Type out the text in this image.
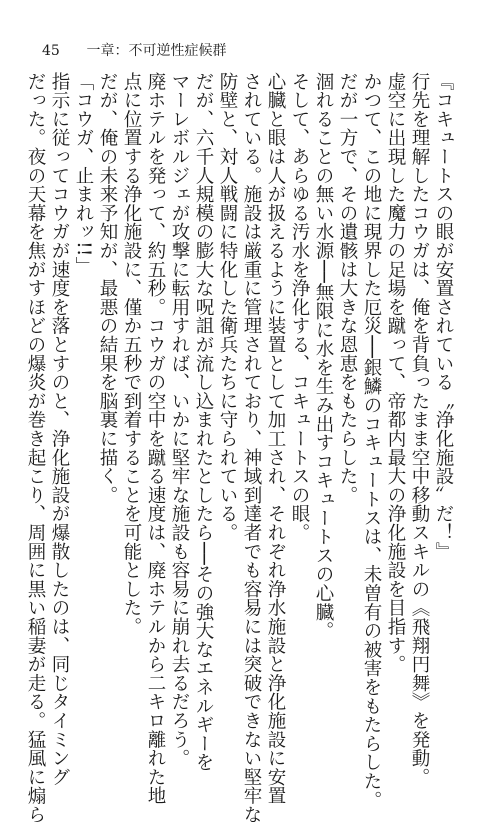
45 一章：不可逆性症候群
『コキュートスの眼が安置されている〝浄化施設〟だ！』
行先を理解したコウガは、俺を背負ったまま空中移動スキルの《飛翔円舞》を発動。
虚空に出現した魔力の足場を蹴って、帝都内最大の浄化施設を目指す。
かつて、この地に現界した厄災──銀鱗のコキュートスは、未曽有の被害をもたらした。
だが一方で、その遺骸は大きな恩恵をもたらした。
涸れることの無い水源──無限に水を生み出すコキュートスの心臓。
そして、あらゆる汚水を浄化する、コキュートスの眼。
心臓と眼は人が扱えるように装置として加工され、それぞれ浄水施設と浄化施設に安置
されている。施設は厳重に管理されており、神域到達者でも容易には突破できない堅牢な
防壁と、対人戦闘に特化した衛兵たちに守られている。
だが、六千人規模の膨大な呪詛が流し込まれたとしたら──その強大なエネルギーを
マーレボルジェが攻撃に転用すれば、いかに堅牢な施設も容易に崩れ去るだろう。
廃ホテルを発って、約五秒。コウガの空中を蹴る速度は、廃ホテルから二キロ離れた地
点に位置する浄化施設に、僅か五秒で到着することを可能とした。
だが、俺の未来予知が、最悪の結果を脳裏に描く。
「コウガ、止まれッ!!」
指示に従ってコウガが速度を落とすのと、浄化施設が爆散したのは、同じタイミング
だった。夜の天幕を焦がすほどの爆炎が巻き起こり、周囲に黒い稲妻が走る。猛風に煽ら
